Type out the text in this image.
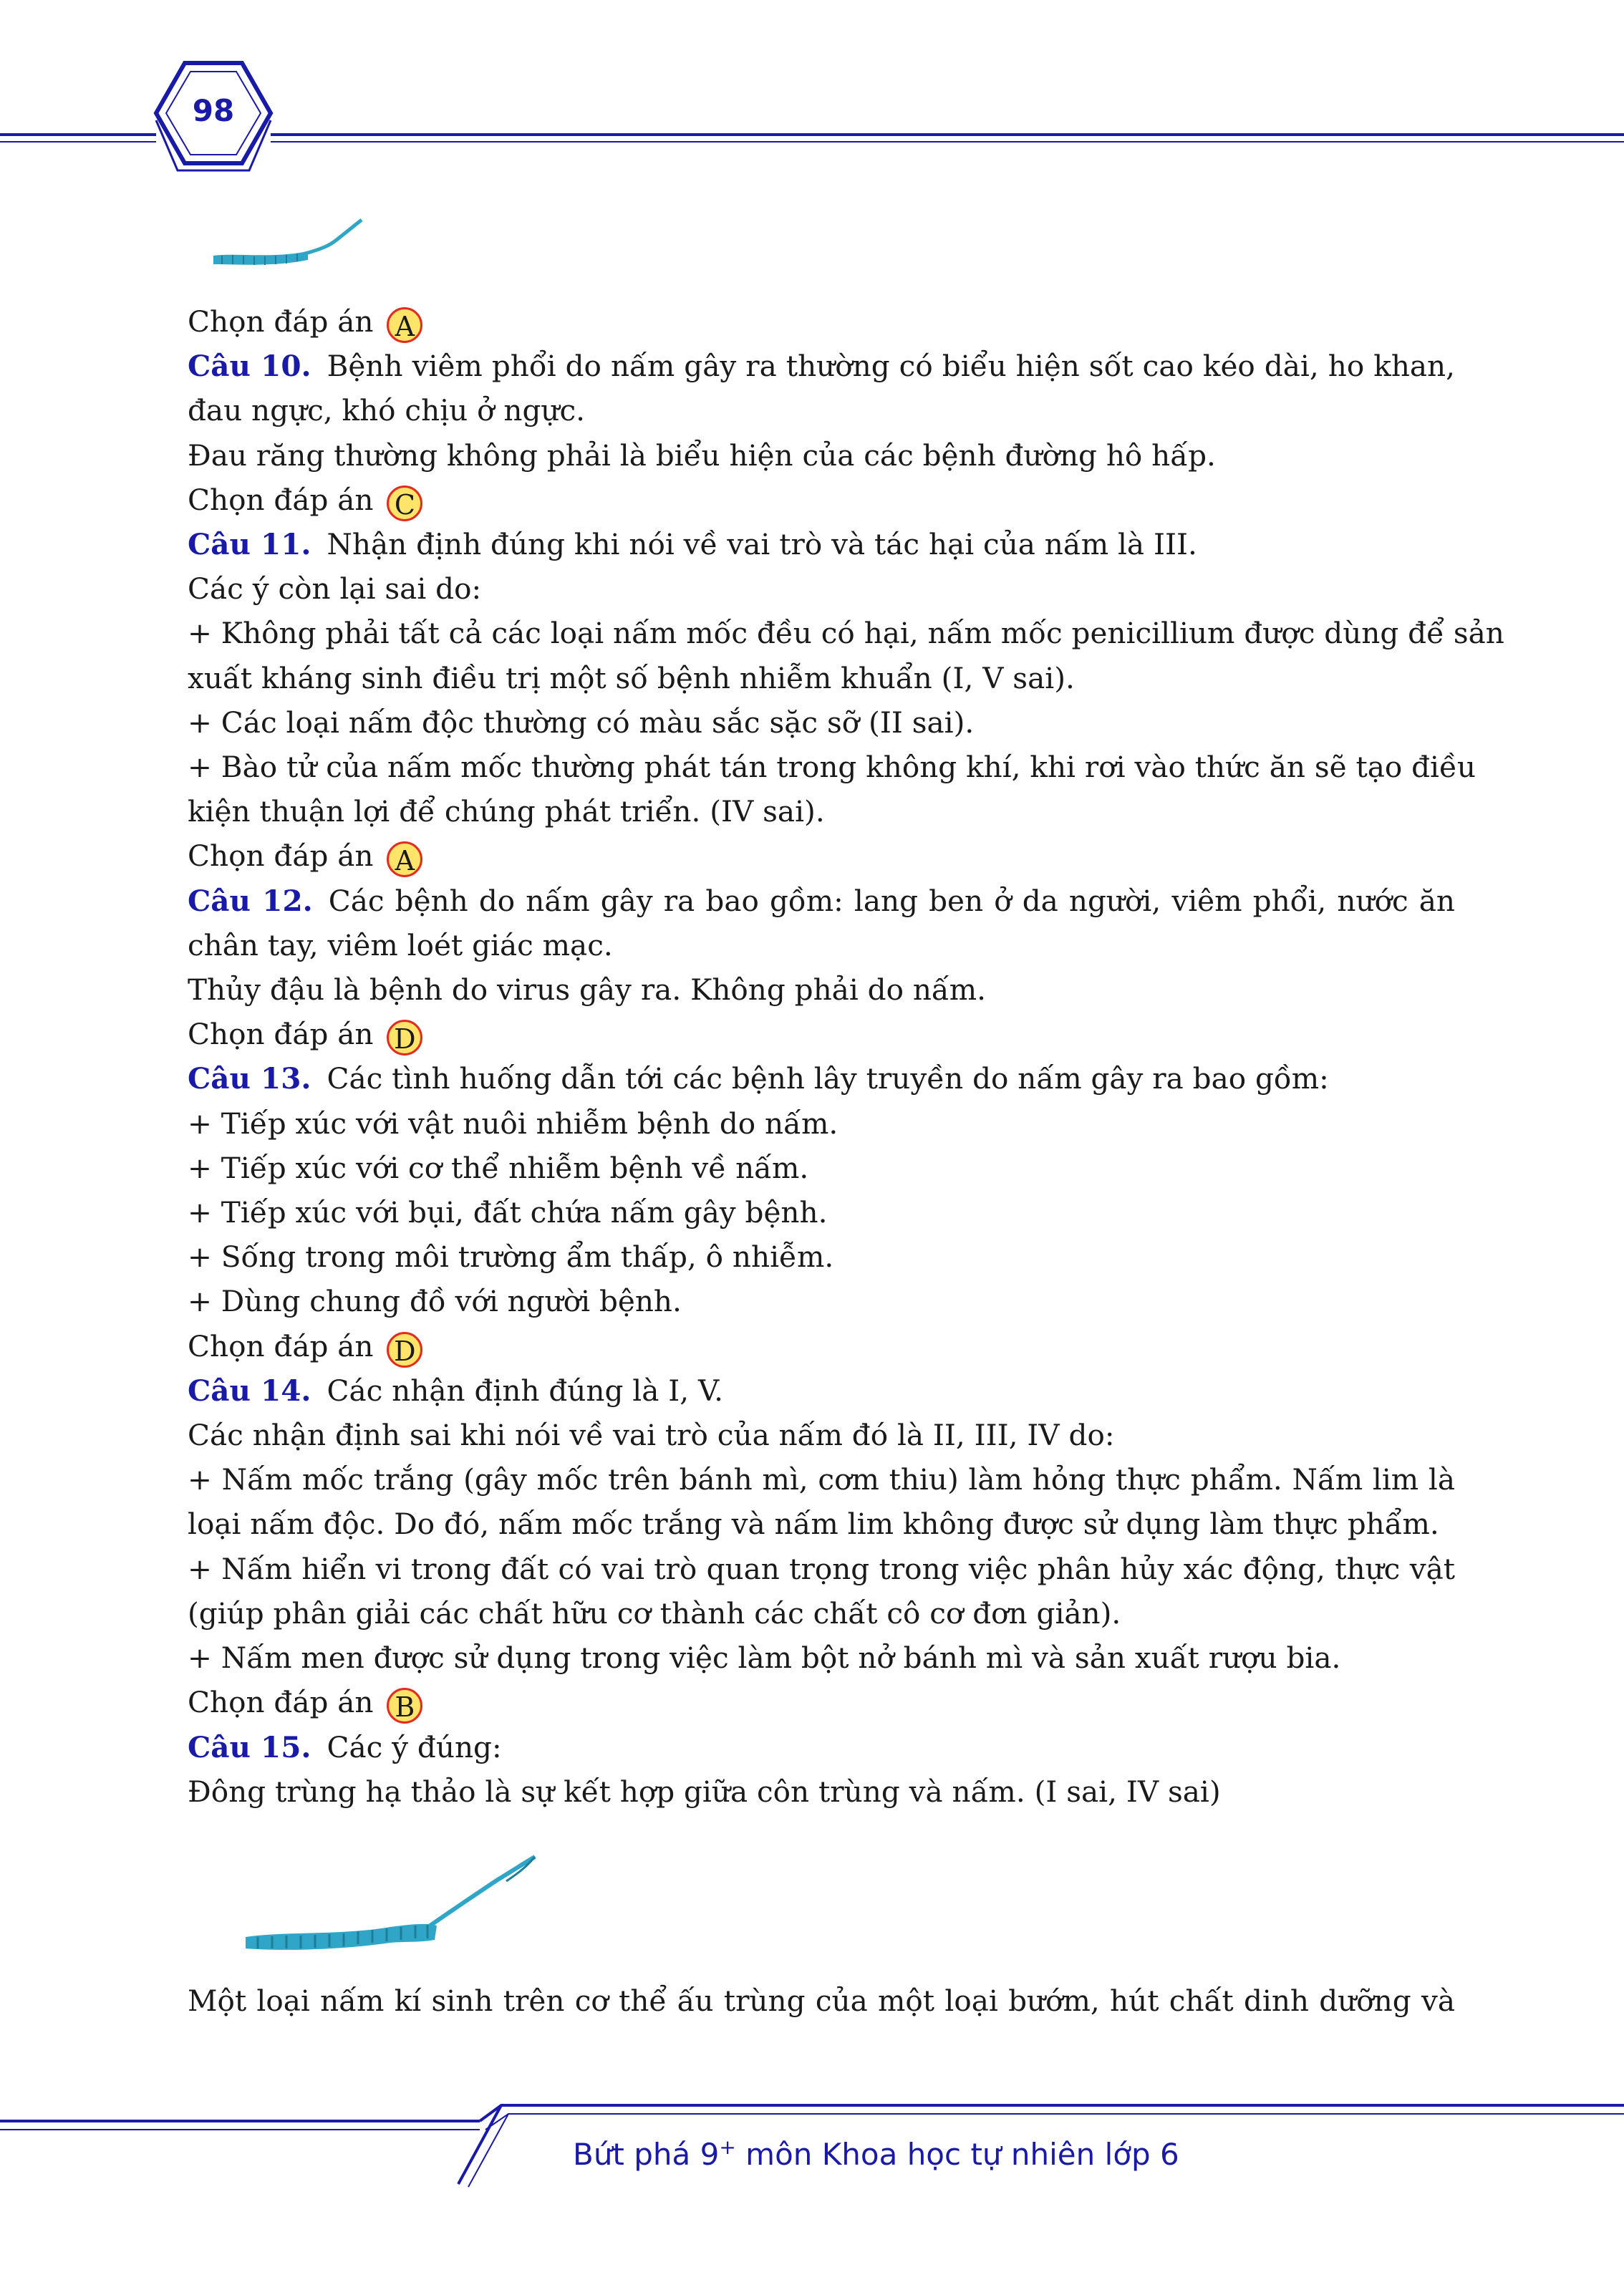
98
Chọn đáp án A
Câu 10. Bệnh viêm phổi do nấm gây ra thường có biểu hiện sốt cao kéo dài, ho khan,
đau ngực, khó chịu ở ngực.
Đau răng thường không phải là biểu hiện của các bệnh đường hô hấp.
Chọn đáp án C
Câu 11. Nhận định đúng khi nói về vai trò và tác hại của nấm là III.
Các ý còn lại sai do:
+ Không phải tất cả các loại nấm mốc đều có hại, nấm mốc penicillium được dùng để sản
xuất kháng sinh điều trị một số bệnh nhiễm khuẩn (I, V sai).
+ Các loại nấm độc thường có màu sắc sặc sỡ (II sai).
+ Bào tử của nấm mốc thường phát tán trong không khí, khi rơi vào thức ăn sẽ tạo điều
kiện thuận lợi để chúng phát triển. (IV sai).
Chọn đáp án A
Câu 12. Các bệnh do nấm gây ra bao gồm: lang ben ở da người, viêm phổi, nước ăn
chân tay, viêm loét giác mạc.
Thủy đậu là bệnh do virus gây ra. Không phải do nấm.
Chọn đáp án D
Câu 13. Các tình huống dẫn tới các bệnh lây truyền do nấm gây ra bao gồm:
+ Tiếp xúc với vật nuôi nhiễm bệnh do nấm.
+ Tiếp xúc với cơ thể nhiễm bệnh về nấm.
+ Tiếp xúc với bụi, đất chứa nấm gây bệnh.
+ Sống trong môi trường ẩm thấp, ô nhiễm.
+ Dùng chung đồ với người bệnh.
Chọn đáp án D
Câu 14. Các nhận định đúng là I, V.
Các nhận định sai khi nói về vai trò của nấm đó là II, III, IV do:
+ Nấm mốc trắng (gây mốc trên bánh mì, cơm thiu) làm hỏng thực phẩm. Nấm lim là
loại nấm độc. Do đó, nấm mốc trắng và nấm lim không được sử dụng làm thực phẩm.
+ Nấm hiển vi trong đất có vai trò quan trọng trong việc phân hủy xác động, thực vật
(giúp phân giải các chất hữu cơ thành các chất cô cơ đơn giản).
+ Nấm men được sử dụng trong việc làm bột nở bánh mì và sản xuất rượu bia.
Chọn đáp án B
Câu 15. Các ý đúng:
Đông trùng hạ thảo là sự kết hợp giữa côn trùng và nấm. (I sai, IV sai)
Một loại nấm kí sinh trên cơ thể ấu trùng của một loại bướm, hút chất dinh dưỡng và
Bứt phá 9+ môn Khoa học tự nhiên lớp 6
